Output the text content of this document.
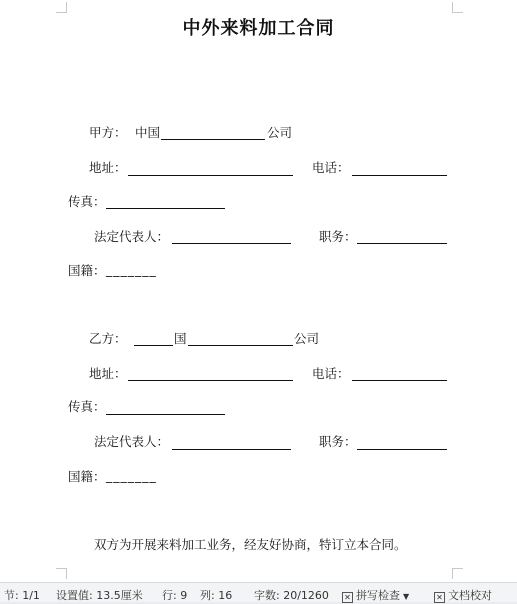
中外来料加工合同
甲方： 中国	公司
地址：	电话：
传真：
法定代表人：	职务：
国籍： _______
乙方：	国	公司
地址：	电话：
传真：
法定代表人：	职务：
国籍： _______
双方为开展来料加工业务，经友好协商，特订立本合同。
节: 1/1 设置值: 13.5厘米 行: 9 列: 16 字数: 20/1260 ✕ 拼写检查 ▼	✕ 文档校对
